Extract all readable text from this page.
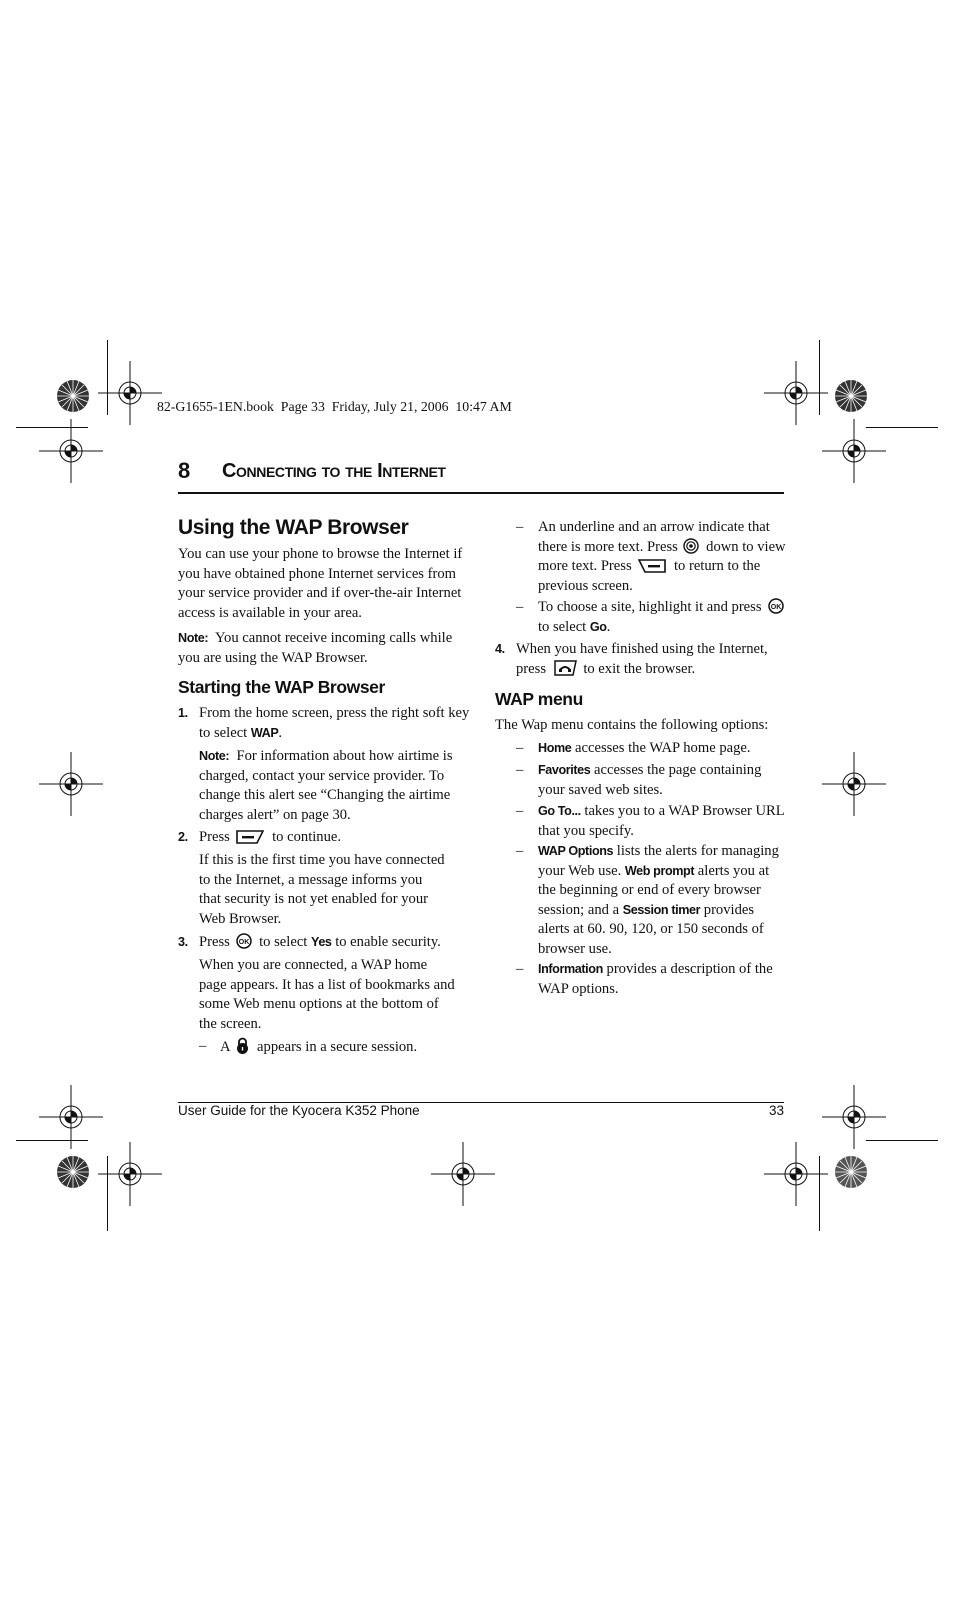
82-G1655-1EN.book  Page 33  Friday, July 21, 2006  10:47 AM
8 Connecting to the Internet
Using the WAP Browser
You can use your phone to browse the Internet if
you have obtained phone Internet services from
your service provider and if over-the-air Internet
access is available in your area.
Note: You cannot receive incoming calls while
you are using the WAP Browser.
Starting the WAP Browser
1. From the home screen, press the right soft key
to select WAP.
Note: For information about how airtime is
charged, contact your service provider. To
change this alert see “Changing the airtime
charges alert” on page 30.
2. Press	to continue.
If this is the first time you have connected
to the Internet, a message informs you
that security is not yet enabled for your
Web Browser.
3. Press OK to select Yes to enable security.
When you are connected, a WAP home
page appears. It has a list of bookmarks and
some Web menu options at the bottom of
the screen.
– A appears in a secure session.
– An underline and an arrow indicate that
there is more text. Press down to view
more text. Press	to return to the
previous screen.
– To choose a site, highlight it and press OK
to select Go.
4. When you have finished using the Internet,
press	to exit the browser.
WAP menu
The Wap menu contains the following options:
– Home accesses the WAP home page.
– Favorites accesses the page containing
your saved web sites.
– Go To... takes you to a WAP Browser URL
that you specify.
– WAP Options lists the alerts for managing
your Web use. Web prompt alerts you at
the beginning or end of every browser
session; and a Session timer provides
alerts at 60. 90, 120, or 150 seconds of
browser use.
– Information provides a description of the
WAP options.
User Guide for the Kyocera K352 Phone	33
